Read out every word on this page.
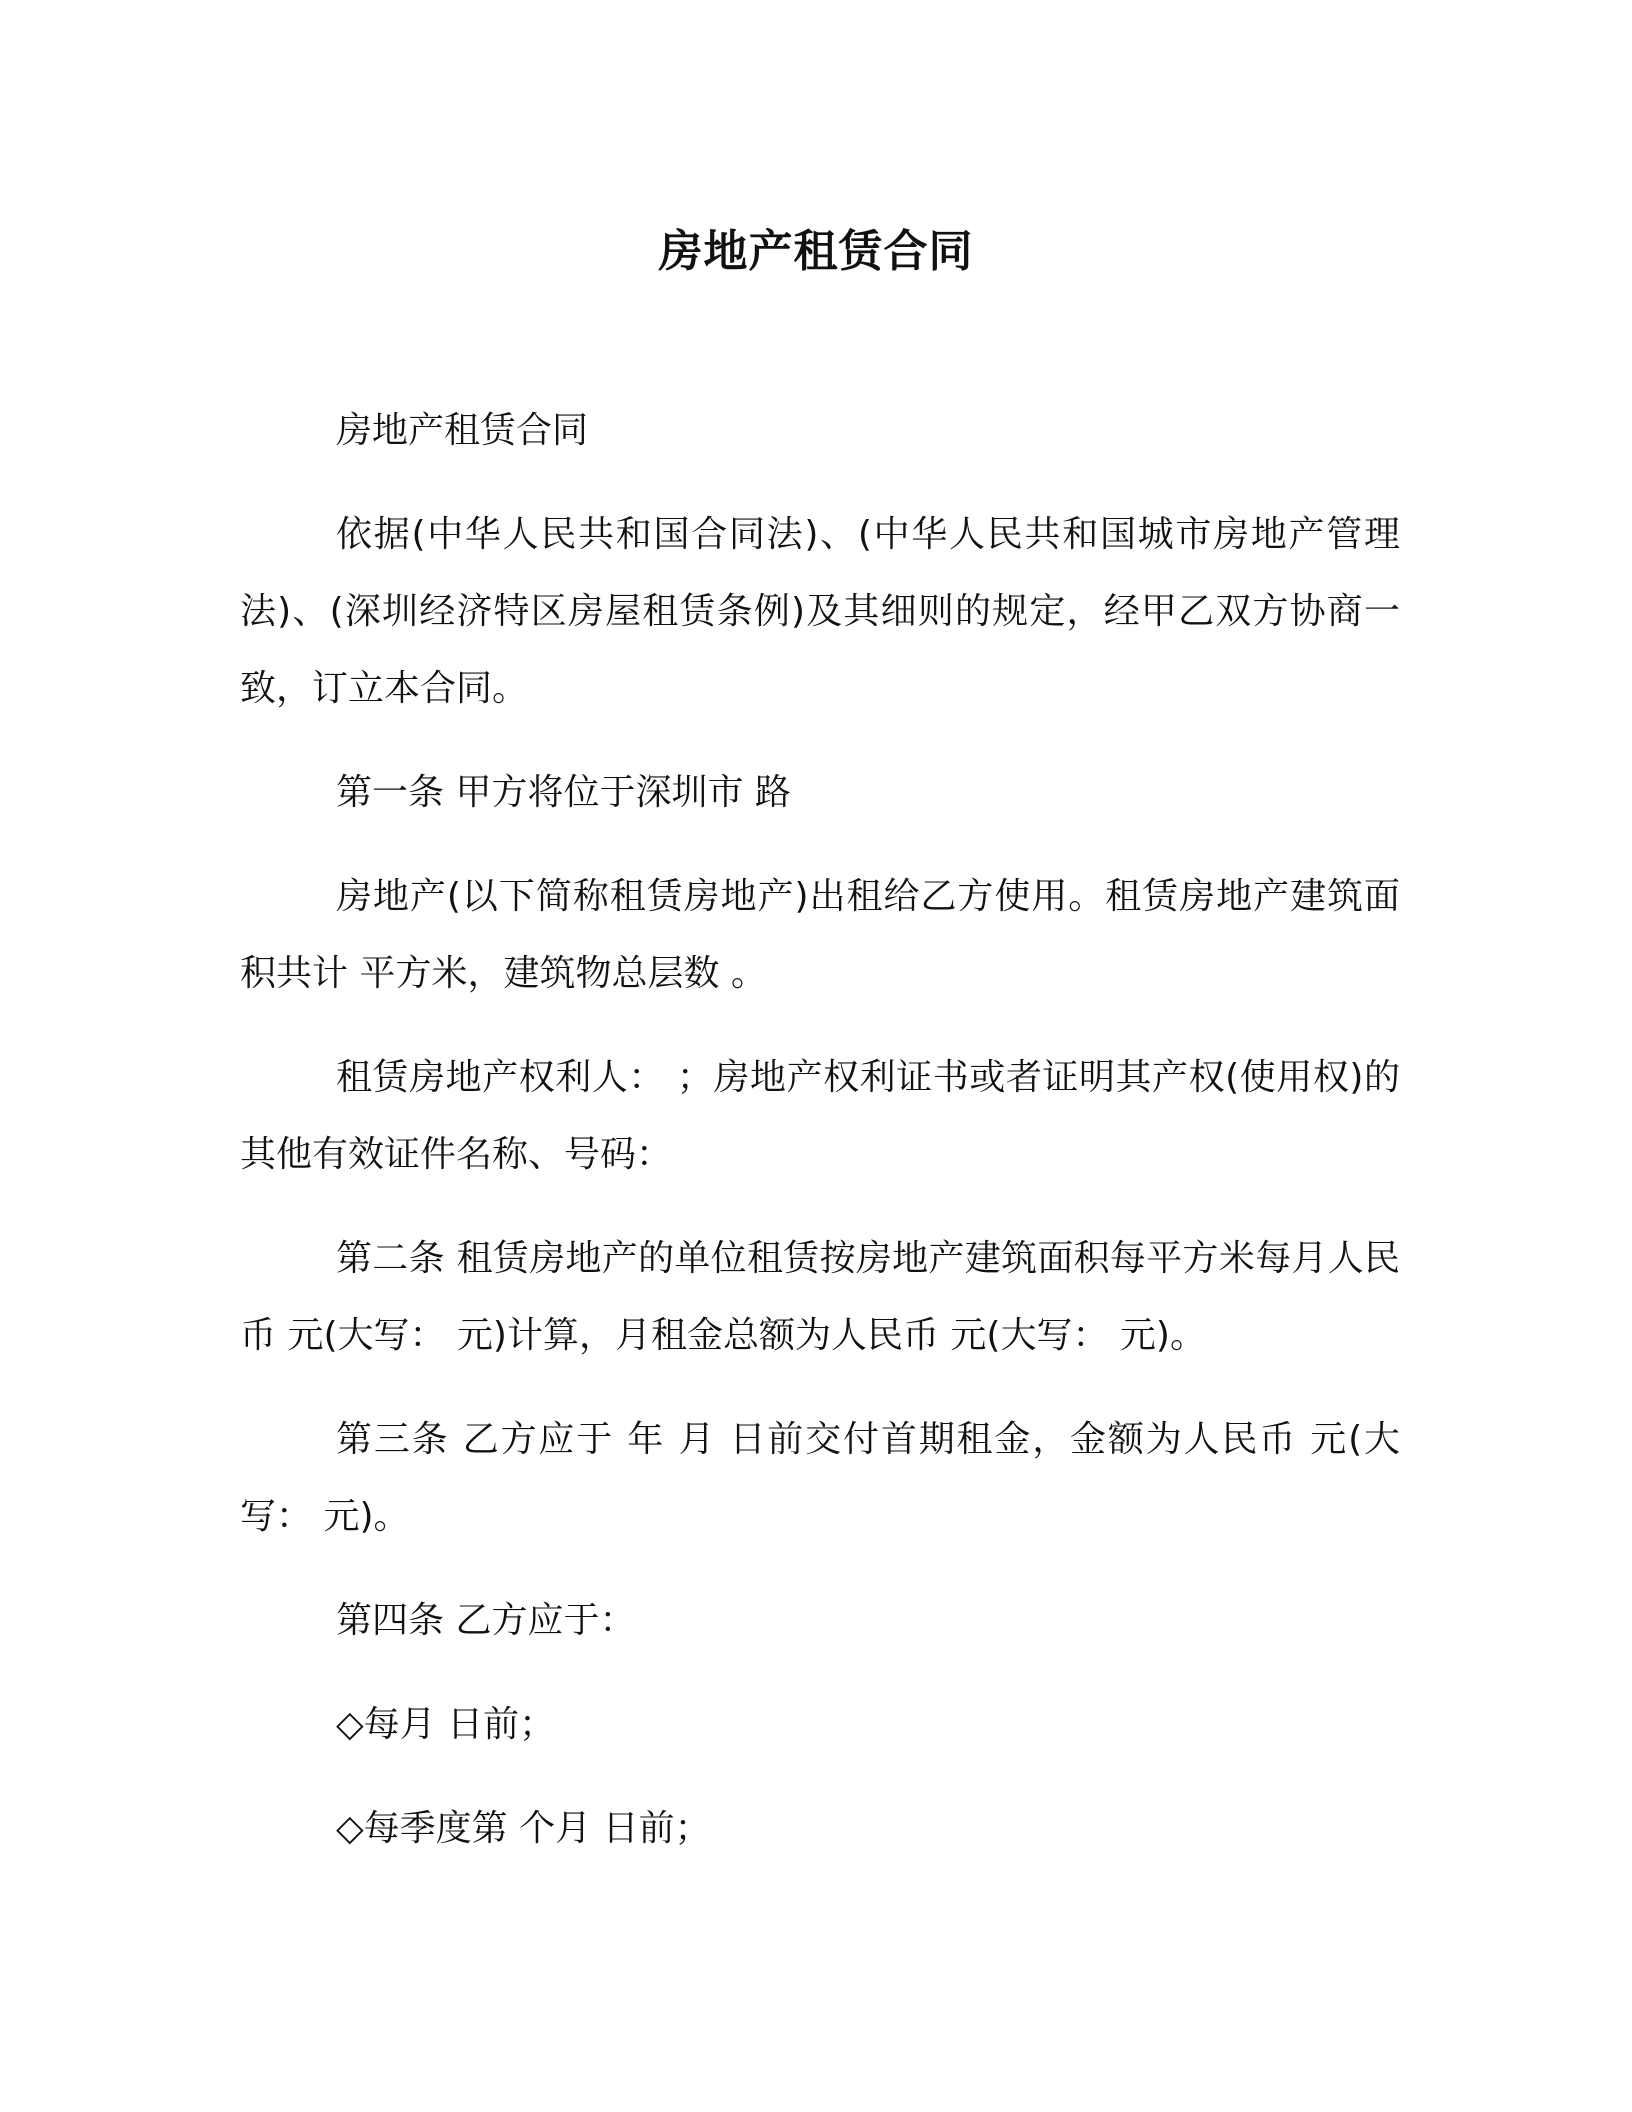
房地产租赁合同

房地产租赁合同

依据(中华人民共和国合同法)、(中华人民共和国城市房地产管理法)、(深圳经济特区房屋租赁条例)及其细则的规定，经甲乙双方协商一致，订立本合同。

第一条 甲方将位于深圳市 路

房地产(以下简称租赁房地产)出租给乙方使用。租赁房地产建筑面积共计 平方米，建筑物总层数 。

租赁房地产权利人： ；房地产权利证书或者证明其产权(使用权)的其他有效证件名称、号码：

第二条 租赁房地产的单位租赁按房地产建筑面积每平方米每月人民币 元(大写： 元)计算，月租金总额为人民币 元(大写： 元)。

第三条 乙方应于 年 月 日前交付首期租金，金额为人民币 元(大写： 元)。

第四条 乙方应于：

◇每月 日前；

◇每季度第 个月 日前；
